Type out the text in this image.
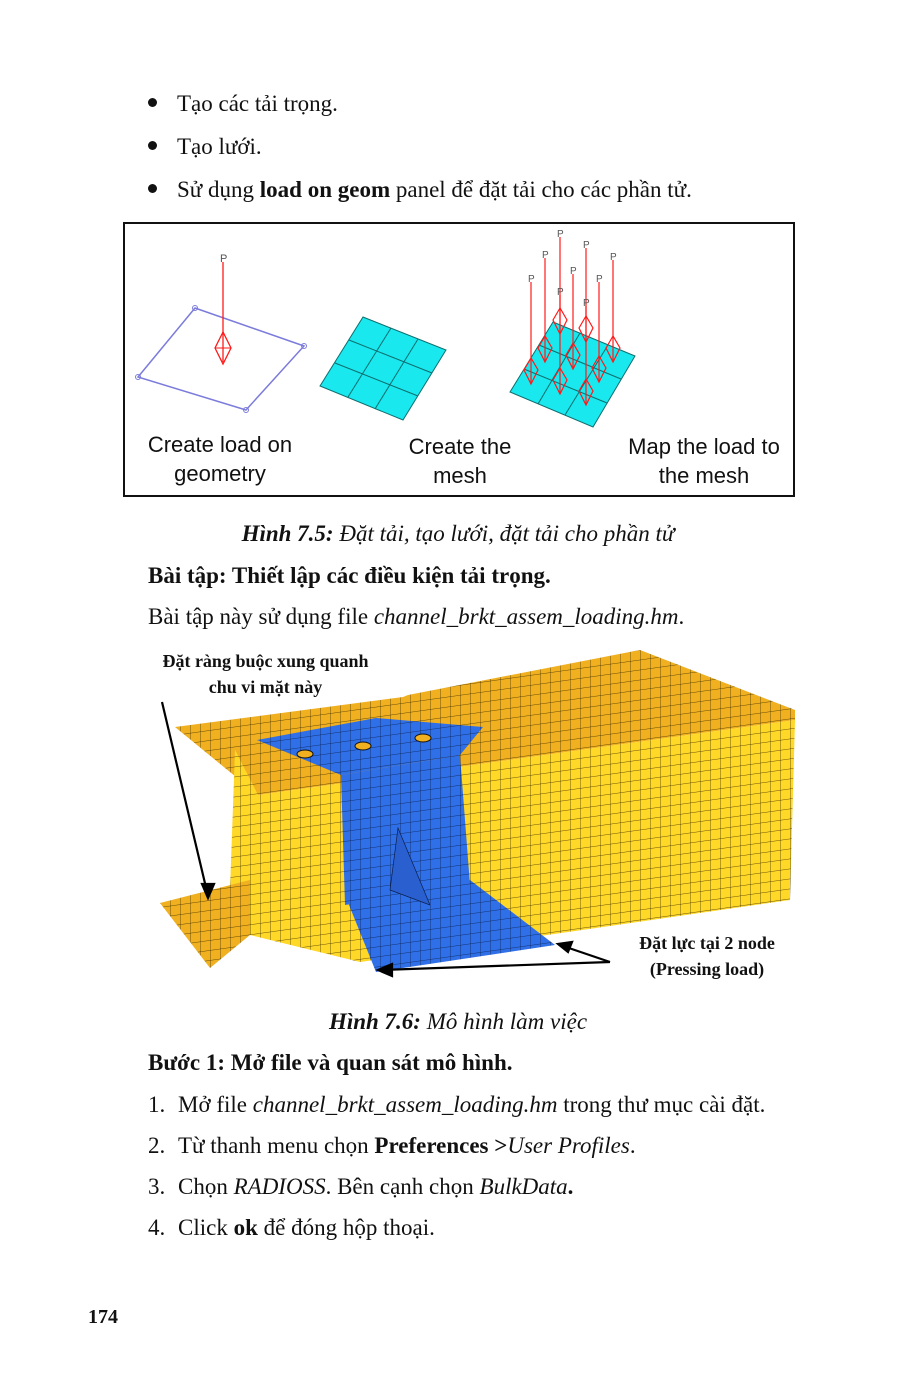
Tạo các tải trọng.
Tạo lưới.
Sử dụng load on geom panel để đặt tải cho các phần tử.
P
P
P
P
P
P
P
P
P
P
Create load on
geometry
Create the
mesh
Map the load to
the mesh
Hình 7.5: Đặt tải, tạo lưới, đặt tải cho phần tử
Bài tập: Thiết lập các điều kiện tải trọng.
Bài tập này sử dụng file channel_brkt_assem_loading.hm.
Đặt ràng buộc xung quanh
chu vi mặt này
Đặt lực tại 2 node
(Pressing load)
Hình 7.6: Mô hình làm việc
Bước 1: Mở file và quan sát mô hình.
1. Mở file channel_brkt_assem_loading.hm trong thư mục cài đặt.
2. Từ thanh menu chọn Preferences >User Profiles.
3. Chọn RADIOSS. Bên cạnh chọn BulkData.
4. Click ok để đóng hộp thoại.
174
